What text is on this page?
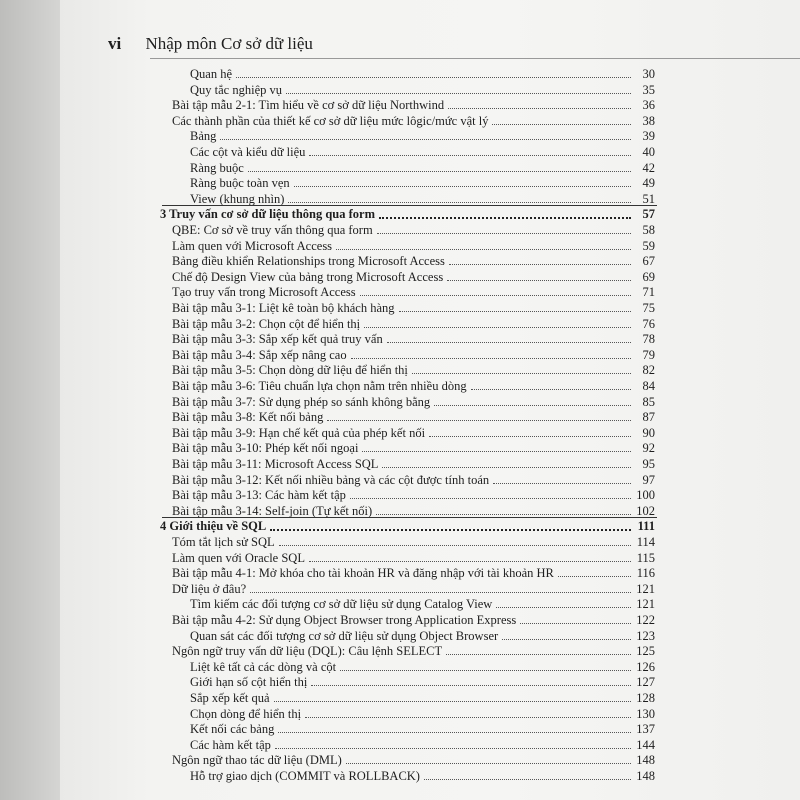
vi Nhập môn Cơ sở dữ liệu
Quan hệ	30
Quy tắc nghiệp vụ	35
Bài tập mẫu 2-1: Tìm hiểu về cơ sở dữ liệu Northwind	36
Các thành phần của thiết kế cơ sở dữ liệu mức lôgic/mức vật lý	38
Bảng	39
Các cột và kiểu dữ liệu	40
Ràng buộc	42
Ràng buộc toàn vẹn	49
View (khung nhìn)	51
3 Truy vấn cơ sở dữ liệu thông qua form	57
QBE: Cơ sở về truy vấn thông qua form	58
Làm quen với Microsoft Access	59
Bảng điều khiển Relationships trong Microsoft Access	67
Chế độ Design View của bảng trong Microsoft Access	69
Tạo truy vấn trong Microsoft Access	71
Bài tập mẫu 3-1: Liệt kê toàn bộ khách hàng	75
Bài tập mẫu 3-2: Chọn cột để hiển thị	76
Bài tập mẫu 3-3: Sắp xếp kết quả truy vấn	78
Bài tập mẫu 3-4: Sắp xếp nâng cao	79
Bài tập mẫu 3-5: Chọn dòng dữ liệu để hiển thị	82
Bài tập mẫu 3-6: Tiêu chuẩn lựa chọn nằm trên nhiều dòng	84
Bài tập mẫu 3-7: Sử dụng phép so sánh không bằng	85
Bài tập mẫu 3-8: Kết nối bảng	87
Bài tập mẫu 3-9: Hạn chế kết quả của phép kết nối	90
Bài tập mẫu 3-10: Phép kết nối ngoại	92
Bài tập mẫu 3-11: Microsoft Access SQL	95
Bài tập mẫu 3-12: Kết nối nhiều bảng và các cột được tính toán	97
Bài tập mẫu 3-13: Các hàm kết tập	100
Bài tập mẫu 3-14: Self-join (Tự kết nối)	102
4 Giới thiệu về SQL	111
Tóm tắt lịch sử SQL	114
Làm quen với Oracle SQL	115
Bài tập mẫu 4-1: Mở khóa cho tài khoản HR và đăng nhập với tài khoản HR	116
Dữ liệu ở đâu?	121
Tìm kiếm các đối tượng cơ sở dữ liệu sử dụng Catalog View	121
Bài tập mẫu 4-2: Sử dụng Object Browser trong Application Express	122
Quan sát các đối tượng cơ sở dữ liệu sử dụng Object Browser	123
Ngôn ngữ truy vấn dữ liệu (DQL): Câu lệnh SELECT	125
Liệt kê tất cả các dòng và cột	126
Giới hạn số cột hiển thị	127
Sắp xếp kết quả	128
Chọn dòng để hiển thị	130
Kết nối các bảng	137
Các hàm kết tập	144
Ngôn ngữ thao tác dữ liệu (DML)	148
Hỗ trợ giao dịch (COMMIT và ROLLBACK)	148
